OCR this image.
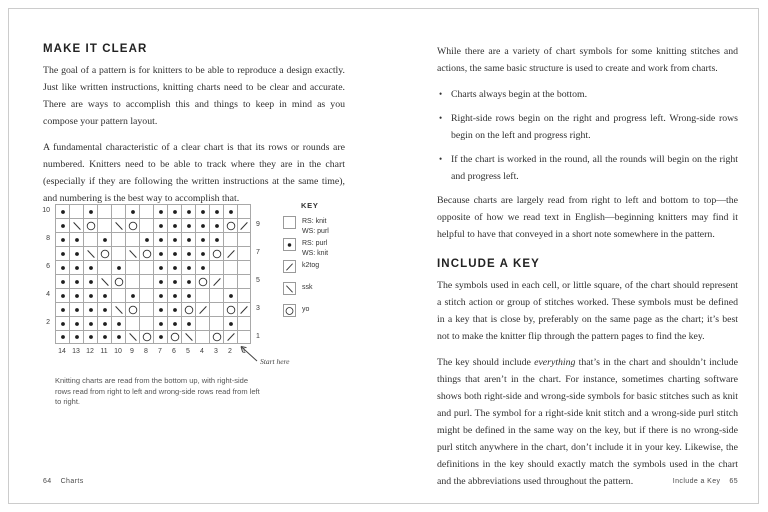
MAKE IT CLEAR

The goal of a pattern is for knitters to be able to reproduce a design exactly. Just like written instructions, knitting charts need to be clear and accurate. There are ways to accomplish this and things to keep in mind as you compose your pattern layout.

A fundamental characteristic of a clear chart is that its rows or rounds are numbered. Knitters need to be able to track where they are in the chart (especially if they are following the written instructions at the same time), and numbering is the best way to accomplish that.

10
9
8
7
6
5
4
3
2
1
14 13 12 11 10	9	8	7	6	5	4	3	2	1
Start here
Knitting charts are read from the bottom up, with right-side rows read from right to left and wrong-side rows read from left to right.
KEY
RS: knit
WS: purl
RS: purl
WS: knit
k2tog
ssk
yo

While there are a variety of chart symbols for some knitting stitches and actions, the same basic structure is used to create and work from charts.

• Charts always begin at the bottom.
• Right-side rows begin on the right and progress left. Wrong-side rows begin on the left and progress right.
• If the chart is worked in the round, all the rounds will begin on the right and progress left.

Because charts are largely read from right to left and bottom to top—the opposite of how we read text in English—beginning knitters may find it helpful to have that conveyed in a short note somewhere in the pattern.

INCLUDE A KEY

The symbols used in each cell, or little square, of the chart should represent a stitch action or group of stitches worked. These symbols must be defined in a key that is close by, preferably on the same page as the chart; it’s best not to make the knitter flip through the pattern pages to find the key.

The key should include everything that’s in the chart and shouldn’t include things that aren’t in the chart. For instance, sometimes charting software shows both right-side and wrong-side symbols for basic stitches such as knit and purl. The symbol for a right-side knit stitch and a wrong-side purl stitch might be defined in the same way on the key, but if there is no wrong-side purl stitch anywhere in the chart, don’t include it in your key. Likewise, the definitions in the key should exactly match the symbols used in the chart and the abbreviations used throughout the pattern.

64 Charts	Include a Key 65
